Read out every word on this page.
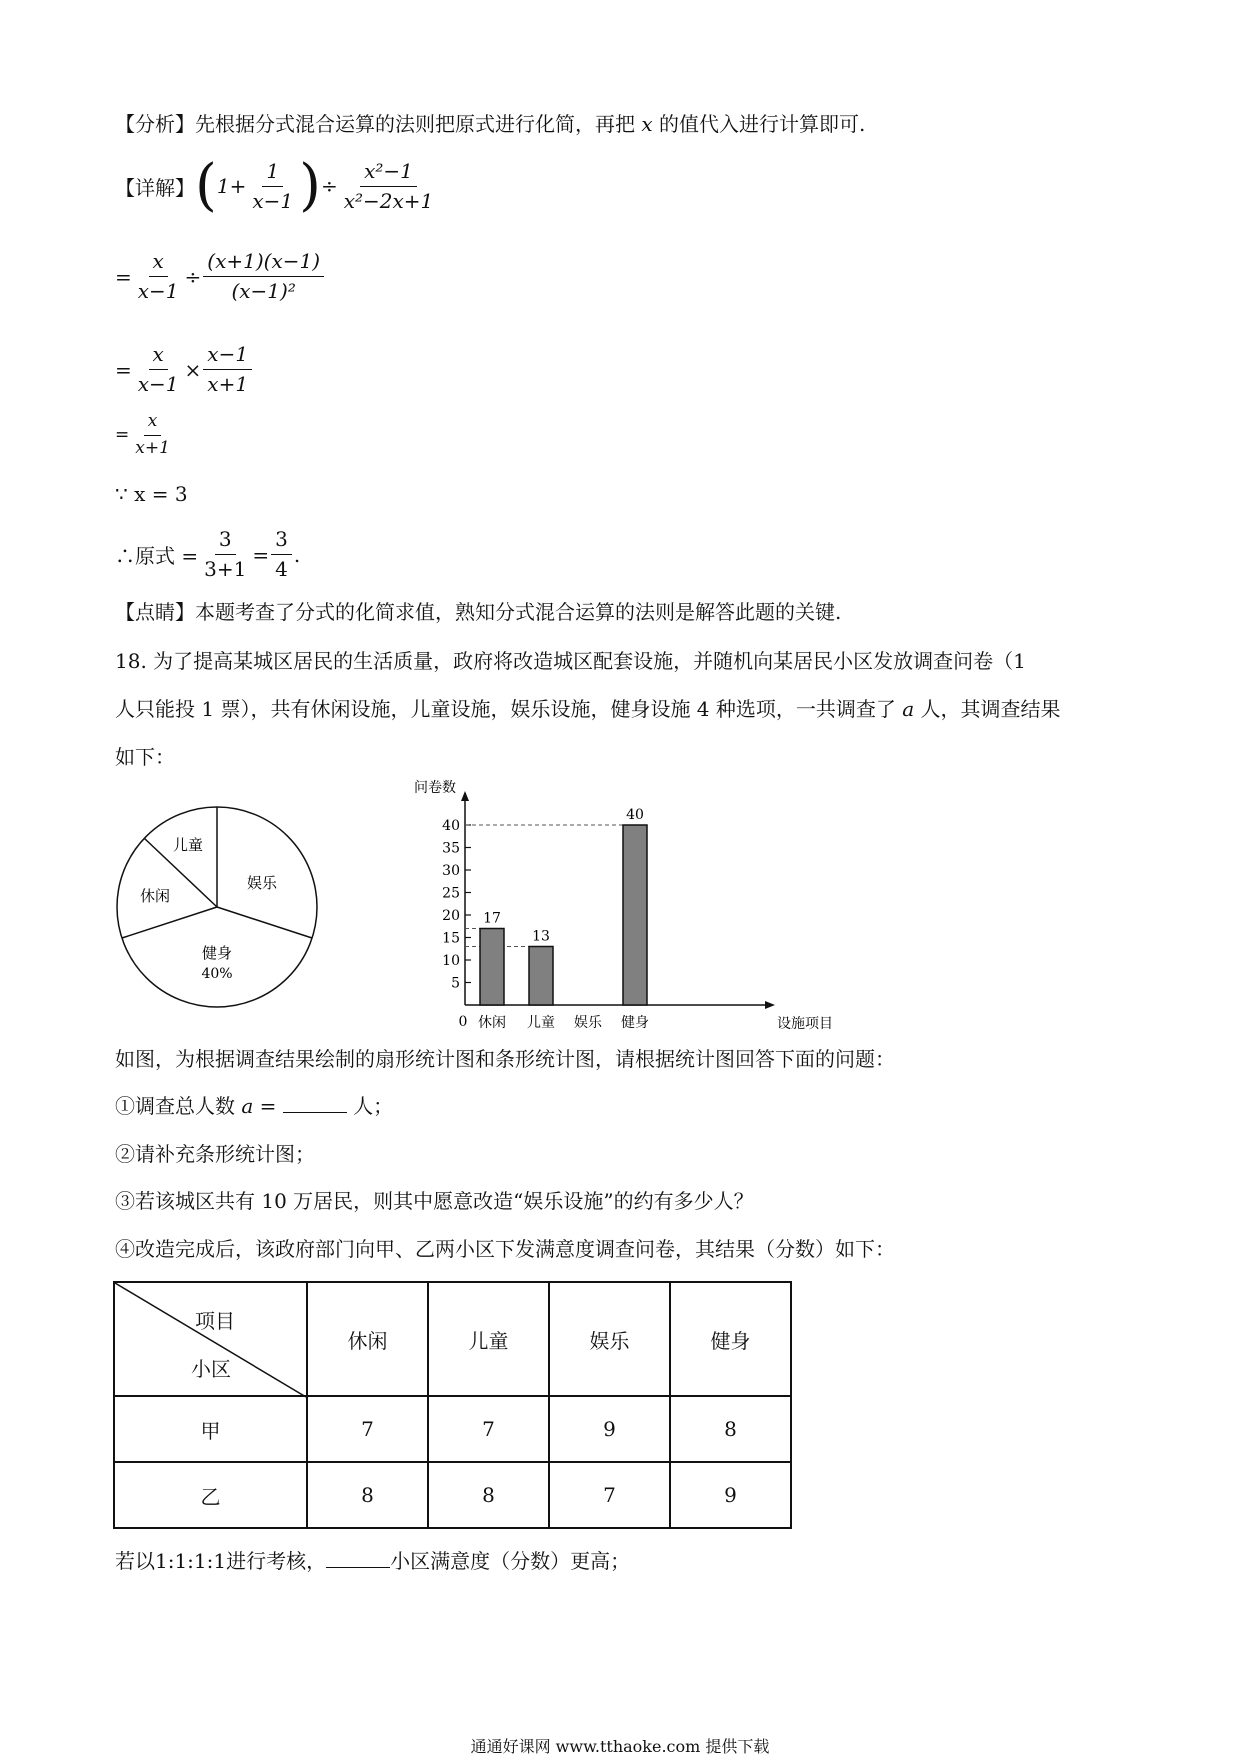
【分析】先根据分式混合运算的法则把原式进行化简，再把 x 的值代入进行计算即可.
【详解】 ( $1+ \frac{1}{x-1}$ ) ÷ $\frac{\text{x²−1}}{\text{x²−2x+1}}$
= $\frac{x}{x-1} \div \frac{(x+1)(x-1)}{\text{(x−1)²}}$
= $\frac{x}{x-1} \times \frac{x-1}{x+1}$
= $\frac{x}{x+1}$
∵ x = 3
∴原式 = $\frac{3}{3+1} = \frac{3}{4}$ .
【点睛】本题考查了分式的化简求值，熟知分式混合运算的法则是解答此题的关键.
18. 为了提高某城区居民的生活质量，政府将改造城区配套设施，并随机向某居民小区发放调查问卷（1
人只能投 1 票），共有休闲设施，儿童设施，娱乐设施，健身设施 4 种选项，一共调查了 a 人，其调查结果
如下：
儿童
娱乐
休闲
健身
40%
问卷数
0	设施项目
5
10
15
20
25
30
35
40
17
13
40
休闲 儿童 娱乐 健身
如图，为根据调查结果绘制的扇形统计图和条形统计图，请根据统计图回答下面的问题：
①调查总人数 a =	人；
②请补充条形统计图；
③若该城区共有 10 万居民，则其中愿意改造“娱乐设施”的约有多少人？
④改造完成后，该政府部门向甲、乙两小区下发满意度调查问卷，其结果（分数）如下：
项目
小区	休闲	儿童	娱乐	健身
甲	7	7	9	8
乙	8	8	7	9
若以1:1:1:1进行考核，	小区满意度（分数）更高；
通通好课网 www.tthaoke.com 提供下载
